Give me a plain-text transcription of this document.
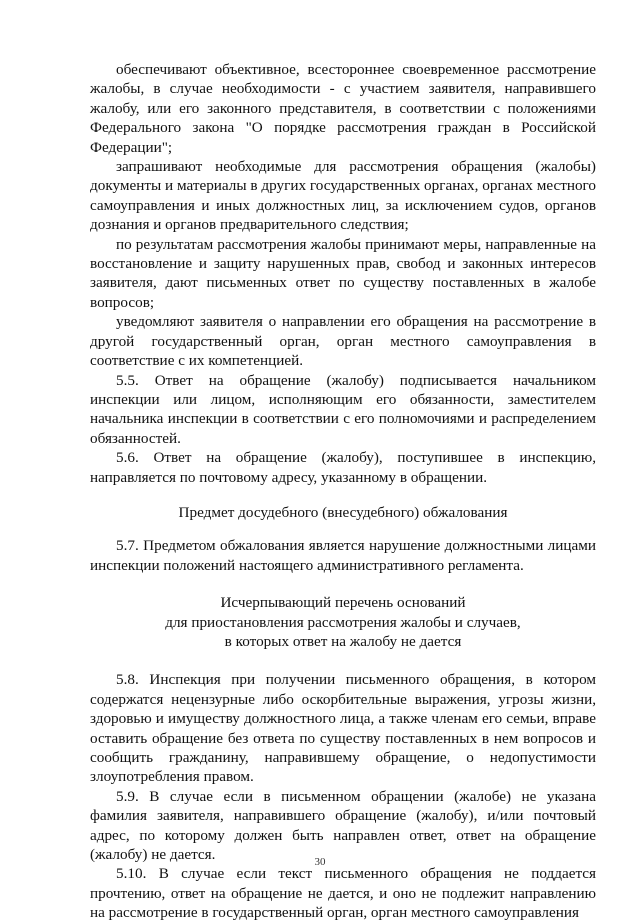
обеспечивают объективное, всестороннее своевременное рассмотрение жалобы, в случае необходимости - с участием заявителя, направившего жалобу, или его законного представителя, в соответствии с положениями Федерального закона "О порядке рассмотрения граждан в Российской Федерации";

запрашивают необходимые для рассмотрения обращения (жалобы) документы и материалы в других государственных органах, органах местного самоуправления и иных должностных лиц, за исключением судов, органов дознания и органов предварительного следствия;

по результатам рассмотрения жалобы принимают меры, направленные на восстановление и защиту нарушенных прав, свобод и законных интересов заявителя, дают письменных ответ по существу поставленных в жалобе вопросов;

уведомляют заявителя о направлении его обращения на рассмотрение в другой государственный орган, орган местного самоуправления в соответствие с их компетенцией.

5.5. Ответ на обращение (жалобу) подписывается начальником инспекции или лицом, исполняющим его обязанности, заместителем начальника инспекции в соответствии с его полномочиями и распределением обязанностей.

5.6. Ответ на обращение (жалобу), поступившее в инспекцию, направляется по почтовому адресу, указанному в обращении.

Предмет досудебного (внесудебного) обжалования

5.7. Предметом обжалования является нарушение должностными лицами инспекции положений настоящего административного регламента.

Исчерпывающий перечень оснований

для приостановления рассмотрения жалобы и случаев,

в которых ответ на жалобу не дается

5.8. Инспекция при получении письменного обращения, в котором содержатся нецензурные либо оскорбительные выражения, угрозы жизни, здоровью и имуществу должностного лица, а также членам его семьи, вправе оставить обращение без ответа по существу поставленных в нем вопросов и сообщить гражданину, направившему обращение, о недопустимости злоупотребления правом.

5.9. В случае если в письменном обращении (жалобе) не указана фамилия заявителя, направившего обращение (жалобу), и/или почтовый адрес, по которому должен быть направлен ответ, ответ на обращение (жалобу) не дается.

5.10. В случае если текст письменного обращения не поддается прочтению, ответ на обращение не дается, и оно не подлежит направлению на рассмотрение в государственный орган, орган местного самоуправления

30
